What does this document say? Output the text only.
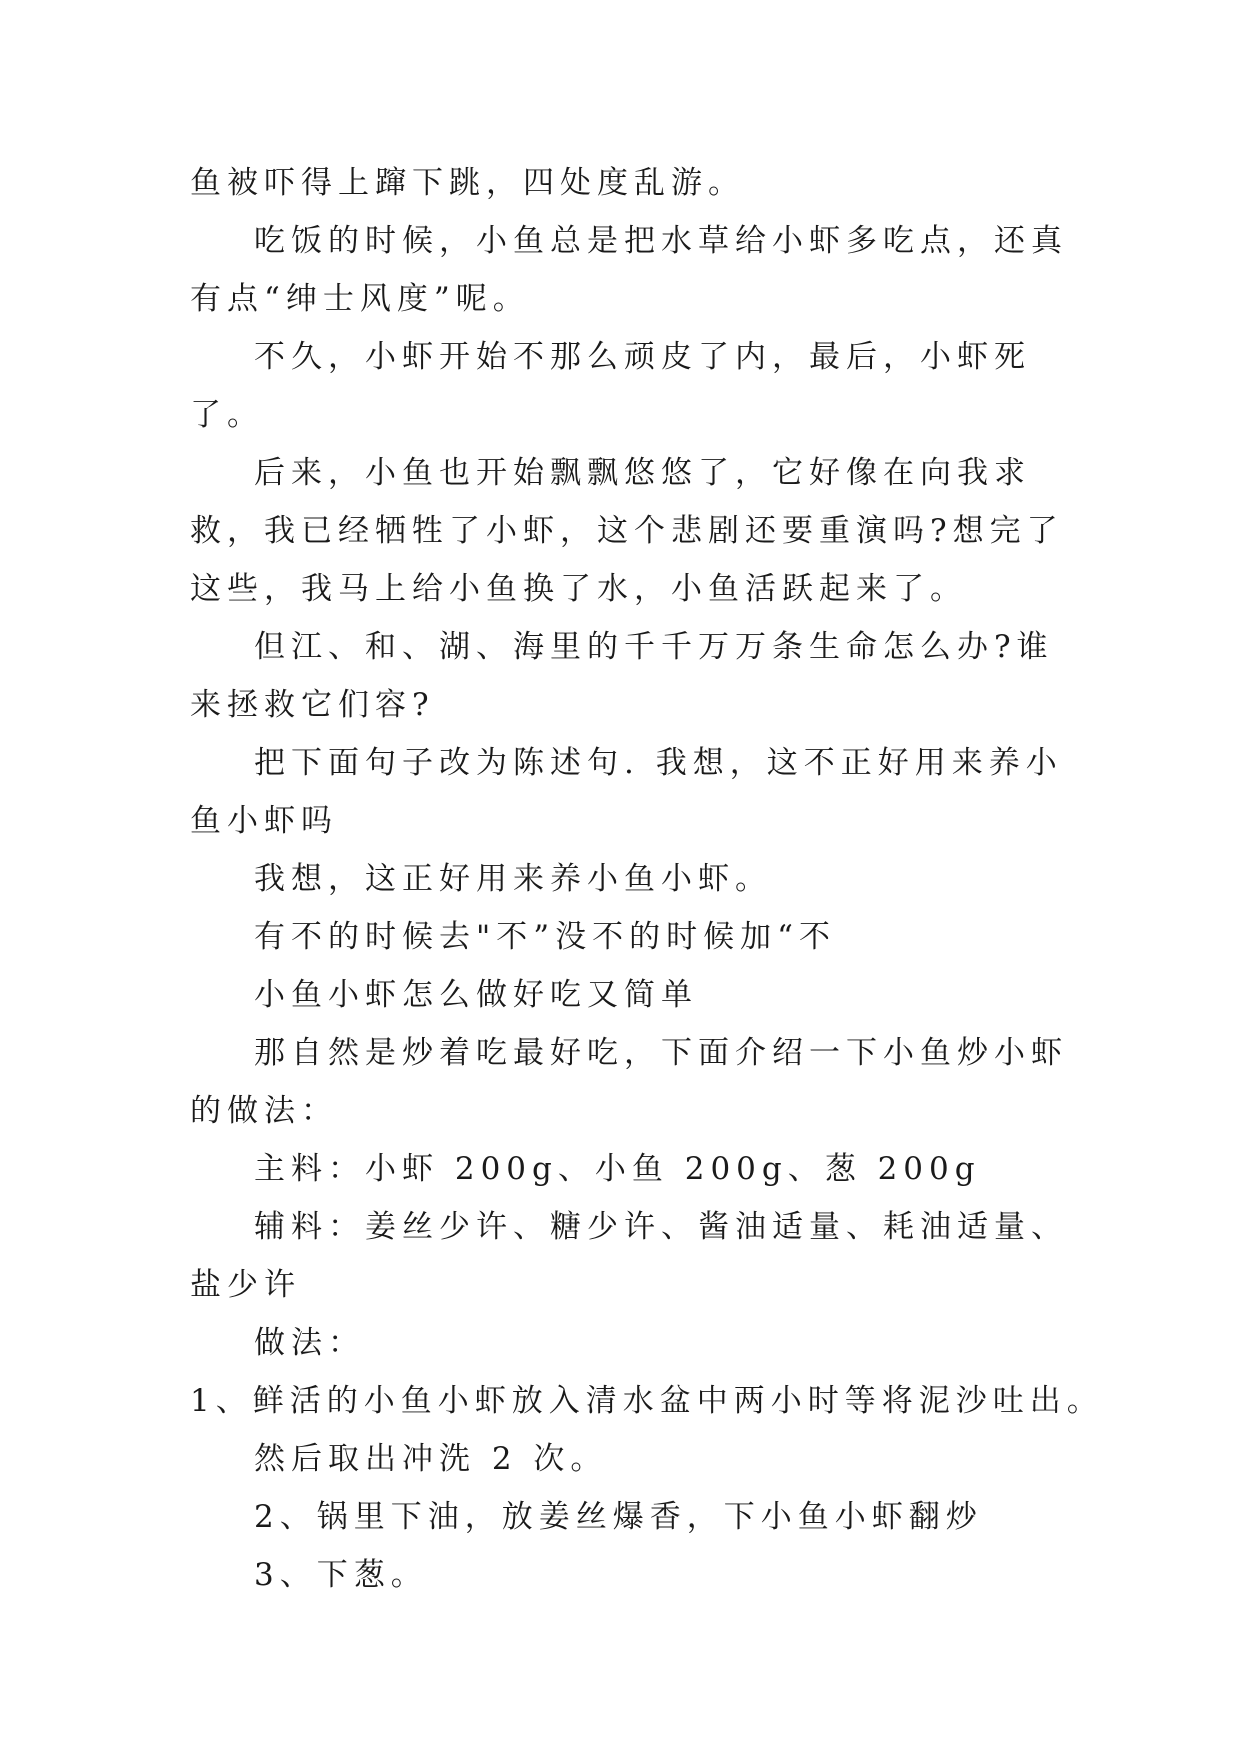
鱼被吓得上蹿下跳，四处度乱游。

吃饭的时候，小鱼总是把水草给小虾多吃点，还真有点“绅士风度”呢。

不久，小虾开始不那么顽皮了内，最后，小虾死了。

后来，小鱼也开始飘飘悠悠了，它好像在向我求救，我已经牺牲了小虾，这个悲剧还要重演吗?想完了这些，我马上给小鱼换了水，小鱼活跃起来了。

但江、和、湖、海里的千千万万条生命怎么办?谁来拯救它们容?

把下面句子改为陈述句. 我想，这不正好用来养小鱼小虾吗

我想，这正好用来养小鱼小虾。

有不的时候去"不”没不的时候加“不

小鱼小虾怎么做好吃又简单

那自然是炒着吃最好吃，下面介绍一下小鱼炒小虾的做法：

主料：小虾 200g、小鱼 200g、葱 200g

辅料：姜丝少许、糖少许、酱油适量、耗油适量、盐少许

做法：

1、鲜活的小鱼小虾放入清水盆中两小时等将泥沙吐出。

然后取出冲洗 2 次。

2、锅里下油，放姜丝爆香，下小鱼小虾翻炒

3、下葱。
